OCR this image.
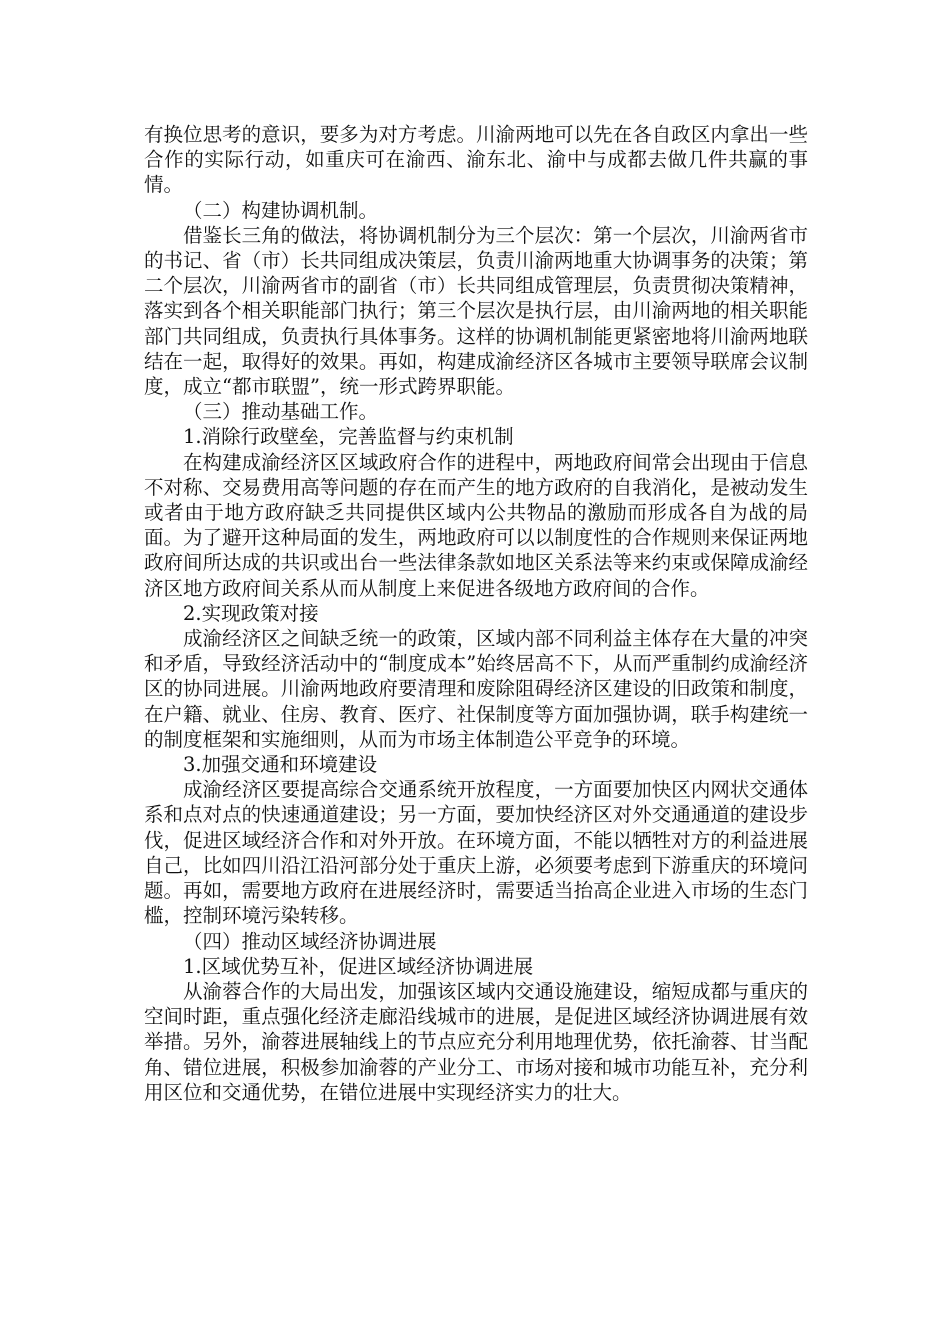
有换位思考的意识，要多为对方考虑。川渝两地可以先在各自政区内拿出一些合作的实际行动，如重庆可在渝西、渝东北、渝中与成都去做几件共赢的事情。

（二）构建协调机制。

借鉴长三角的做法，将协调机制分为三个层次：第一个层次，川渝两省市的书记、省（市）长共同组成决策层，负责川渝两地重大协调事务的决策；第二个层次，川渝两省市的副省（市）长共同组成管理层，负责贯彻决策精神，落实到各个相关职能部门执行；第三个层次是执行层，由川渝两地的相关职能部门共同组成，负责执行具体事务。这样的协调机制能更紧密地将川渝两地联结在一起，取得好的效果。再如，构建成渝经济区各城市主要领导联席会议制度，成立“都市联盟”，统一形式跨界职能。

（三）推动基础工作。

1.消除行政壁垒，完善监督与约束机制

在构建成渝经济区区域政府合作的进程中，两地政府间常会出现由于信息不对称、交易费用高等问题的存在而产生的地方政府的自我消化，是被动发生或者由于地方政府缺乏共同提供区域内公共物品的激励而形成各自为战的局面。为了避开这种局面的发生，两地政府可以以制度性的合作规则来保证两地政府间所达成的共识或出台一些法律条款如地区关系法等来约束或保障成渝经济区地方政府间关系从而从制度上来促进各级地方政府间的合作。

2.实现政策对接

成渝经济区之间缺乏统一的政策，区域内部不同利益主体存在大量的冲突和矛盾，导致经济活动中的“制度成本”始终居高不下，从而严重制约成渝经济区的协同进展。川渝两地政府要清理和废除阻碍经济区建设的旧政策和制度，在户籍、就业、住房、教育、医疗、社保制度等方面加强协调，联手构建统一的制度框架和实施细则，从而为市场主体制造公平竞争的环境。

3.加强交通和环境建设

成渝经济区要提高综合交通系统开放程度，一方面要加快区内网状交通体系和点对点的快速通道建设；另一方面，要加快经济区对外交通通道的建设步伐，促进区域经济合作和对外开放。在环境方面，不能以牺牲对方的利益进展自己，比如四川沿江沿河部分处于重庆上游，必须要考虑到下游重庆的环境问题。再如，需要地方政府在进展经济时，需要适当抬高企业进入市场的生态门槛，控制环境污染转移。

（四）推动区域经济协调进展

1.区域优势互补，促进区域经济协调进展

从渝蓉合作的大局出发，加强该区域内交通设施建设，缩短成都与重庆的空间时距，重点强化经济走廊沿线城市的进展，是促进区域经济协调进展有效举措。另外，渝蓉进展轴线上的节点应充分利用地理优势，依托渝蓉、甘当配角、错位进展，积极参加渝蓉的产业分工、市场对接和城市功能互补，充分利用区位和交通优势，在错位进展中实现经济实力的壮大。
